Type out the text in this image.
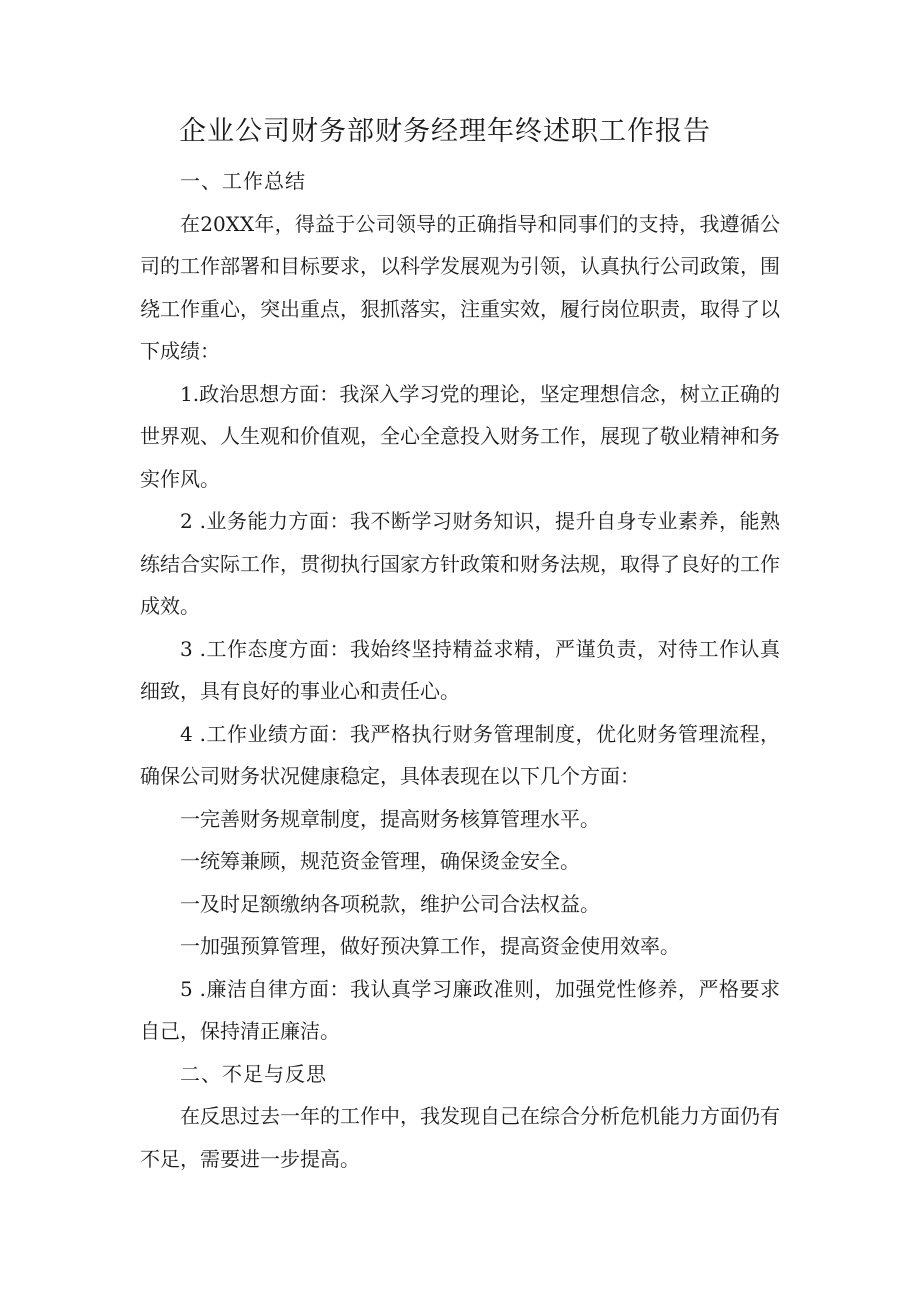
企业公司财务部财务经理年终述职工作报告

一、工作总结

在20XX年，得益于公司领导的正确指导和同事们的支持，我遵循公司的工作部署和目标要求，以科学发展观为引领，认真执行公司政策，围绕工作重心，突出重点，狠抓落实，注重实效，履行岗位职责，取得了以下成绩：

1.政治思想方面：我深入学习党的理论，坚定理想信念，树立正确的世界观、人生观和价值观，全心全意投入财务工作，展现了敬业精神和务实作风。

2 .业务能力方面：我不断学习财务知识，提升自身专业素养，能熟练结合实际工作，贯彻执行国家方针政策和财务法规，取得了良好的工作成效。

3 .工作态度方面：我始终坚持精益求精，严谨负责，对待工作认真细致，具有良好的事业心和责任心。

4 .工作业绩方面：我严格执行财务管理制度，优化财务管理流程，确保公司财务状况健康稳定，具体表现在以下几个方面：

一完善财务规章制度，提高财务核算管理水平。

一统筹兼顾，规范资金管理，确保烫金安全。

一及时足额缴纳各项税款，维护公司合法权益。

一加强预算管理，做好预决算工作，提高资金使用效率。

5 .廉洁自律方面：我认真学习廉政准则，加强党性修养，严格要求自己，保持清正廉洁。

二、不足与反思

在反思过去一年的工作中，我发现自己在综合分析危机能力方面仍有不足，需要进一步提高。
